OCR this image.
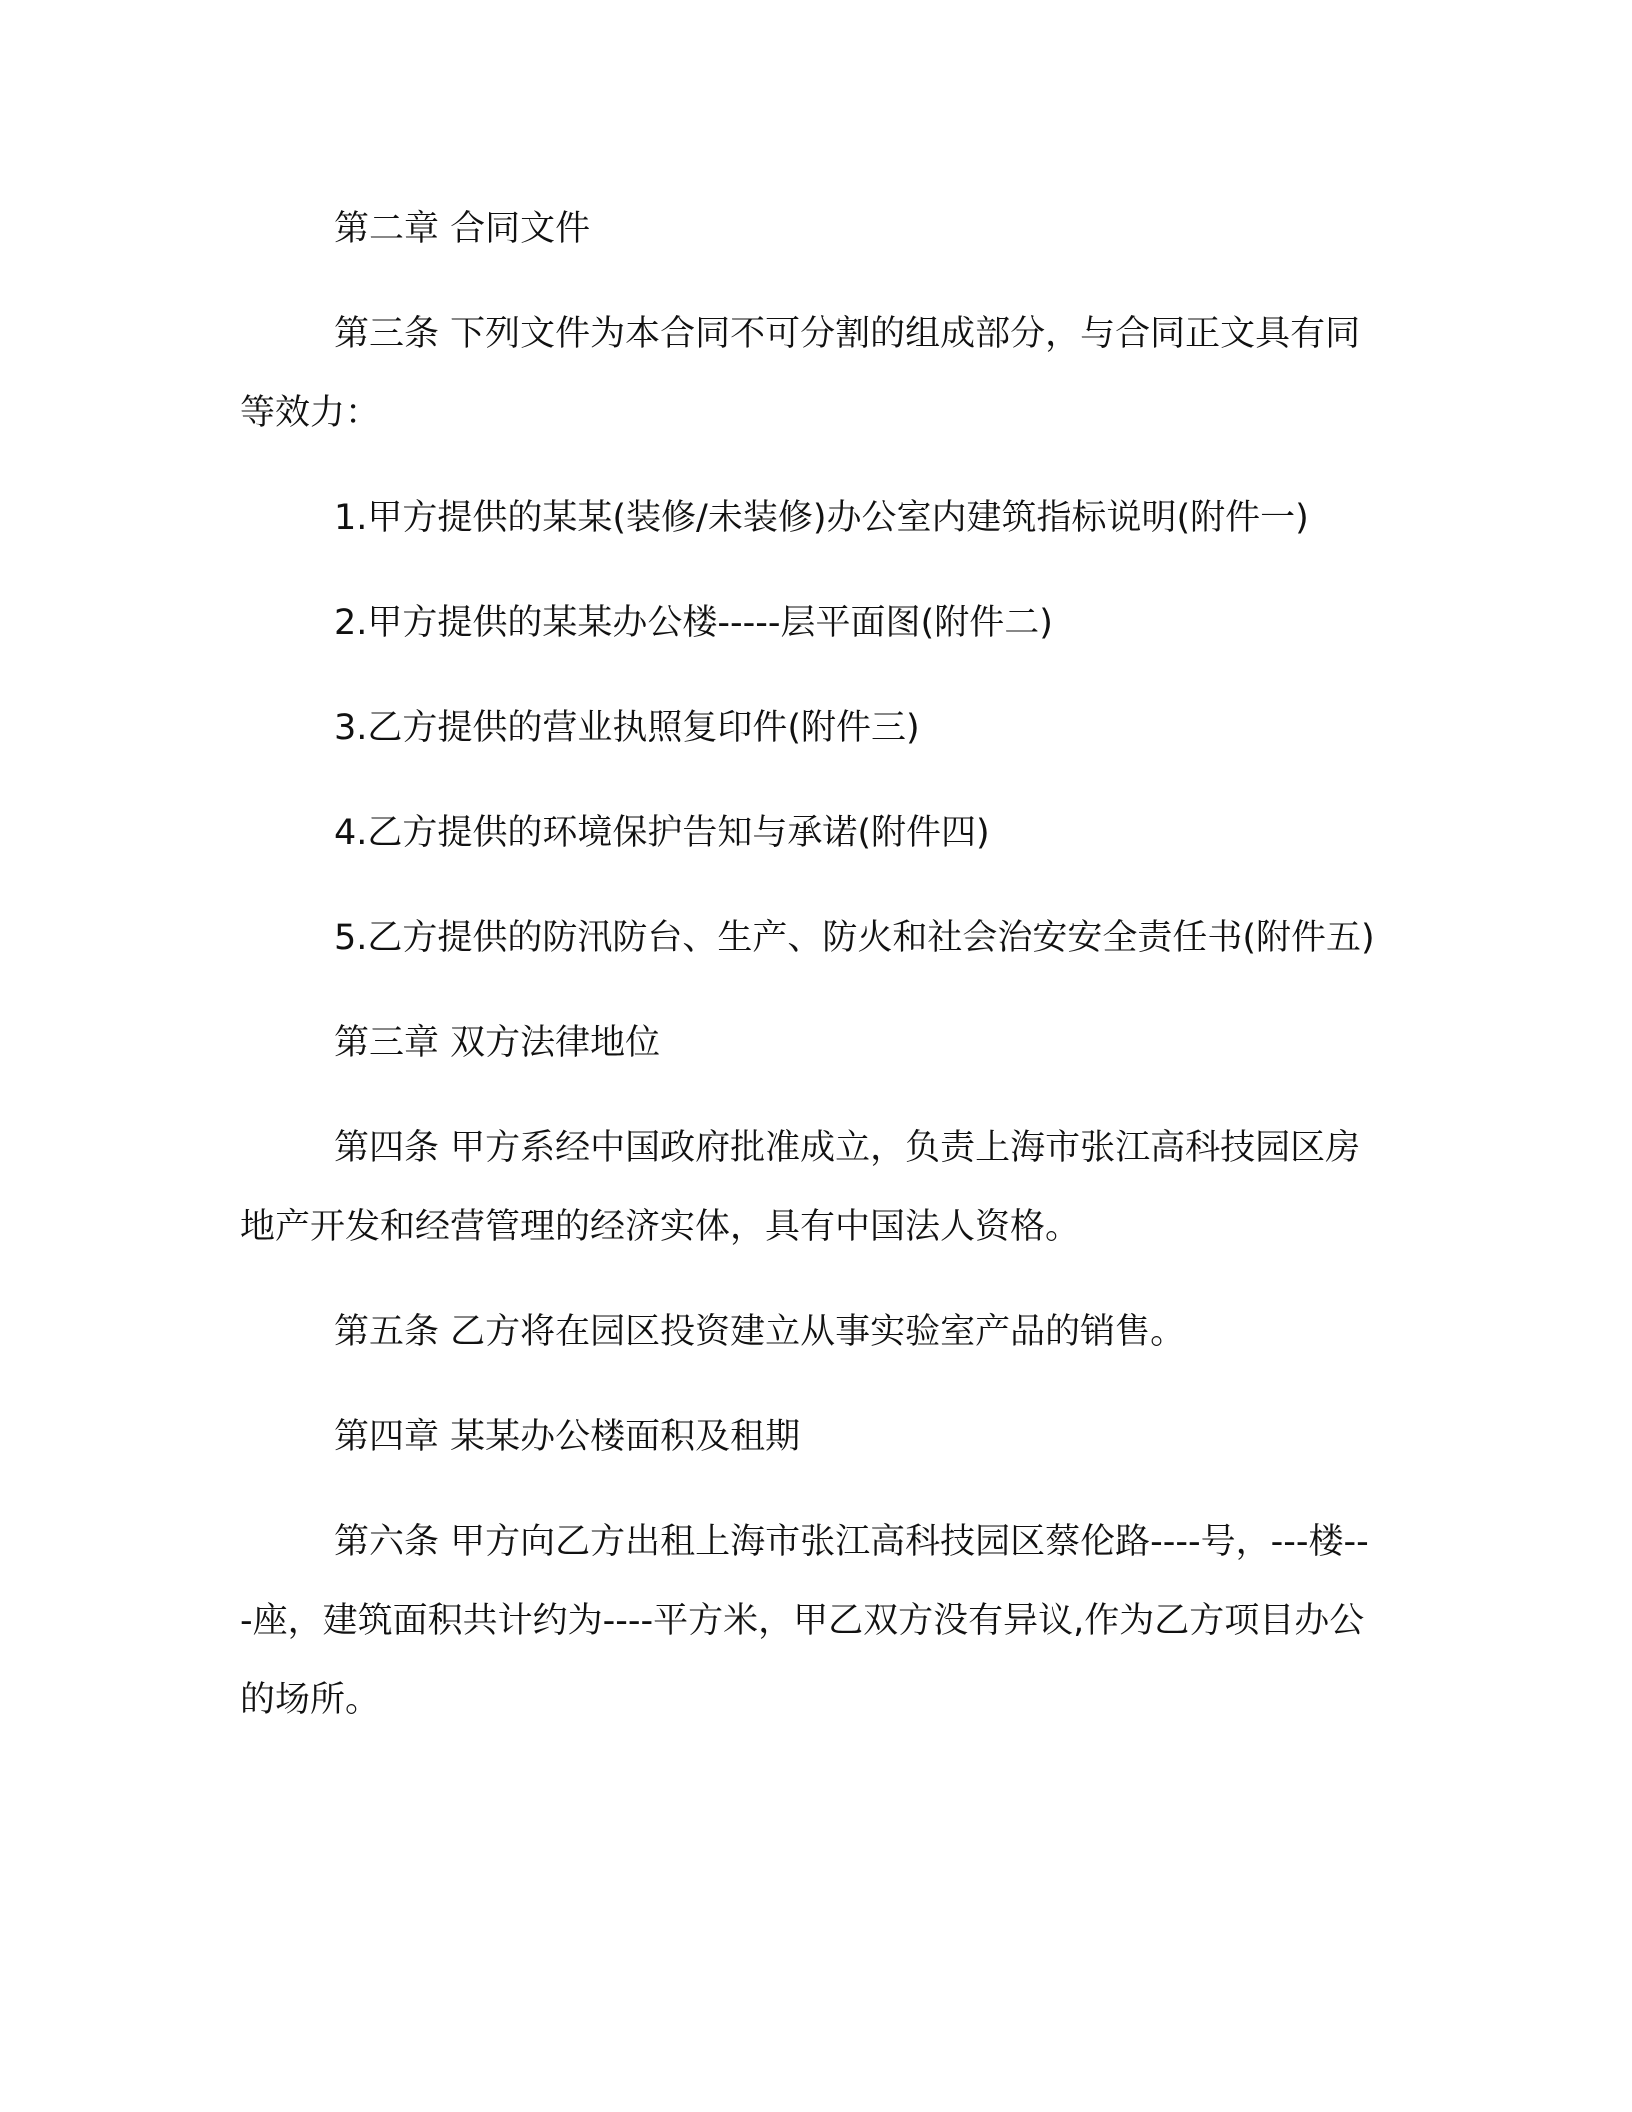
第二章 合同文件

第三条 下列文件为本合同不可分割的组成部分，与合同正文具有同等效力：

1.甲方提供的某某(装修/未装修)办公室内建筑指标说明(附件一)

2.甲方提供的某某办公楼-----层平面图(附件二)

3.乙方提供的营业执照复印件(附件三)

4.乙方提供的环境保护告知与承诺(附件四)

5.乙方提供的防汛防台、生产、防火和社会治安安全责任书(附件五)

第三章 双方法律地位

第四条 甲方系经中国政府批准成立，负责上海市张江高科技园区房地产开发和经营管理的经济实体，具有中国法人资格。

第五条 乙方将在园区投资建立从事实验室产品的销售。

第四章 某某办公楼面积及租期

第六条 甲方向乙方出租上海市张江高科技园区蔡伦路----号，---楼---座，建筑面积共计约为----平方米，甲乙双方没有异议,作为乙方项目办公的场所。
